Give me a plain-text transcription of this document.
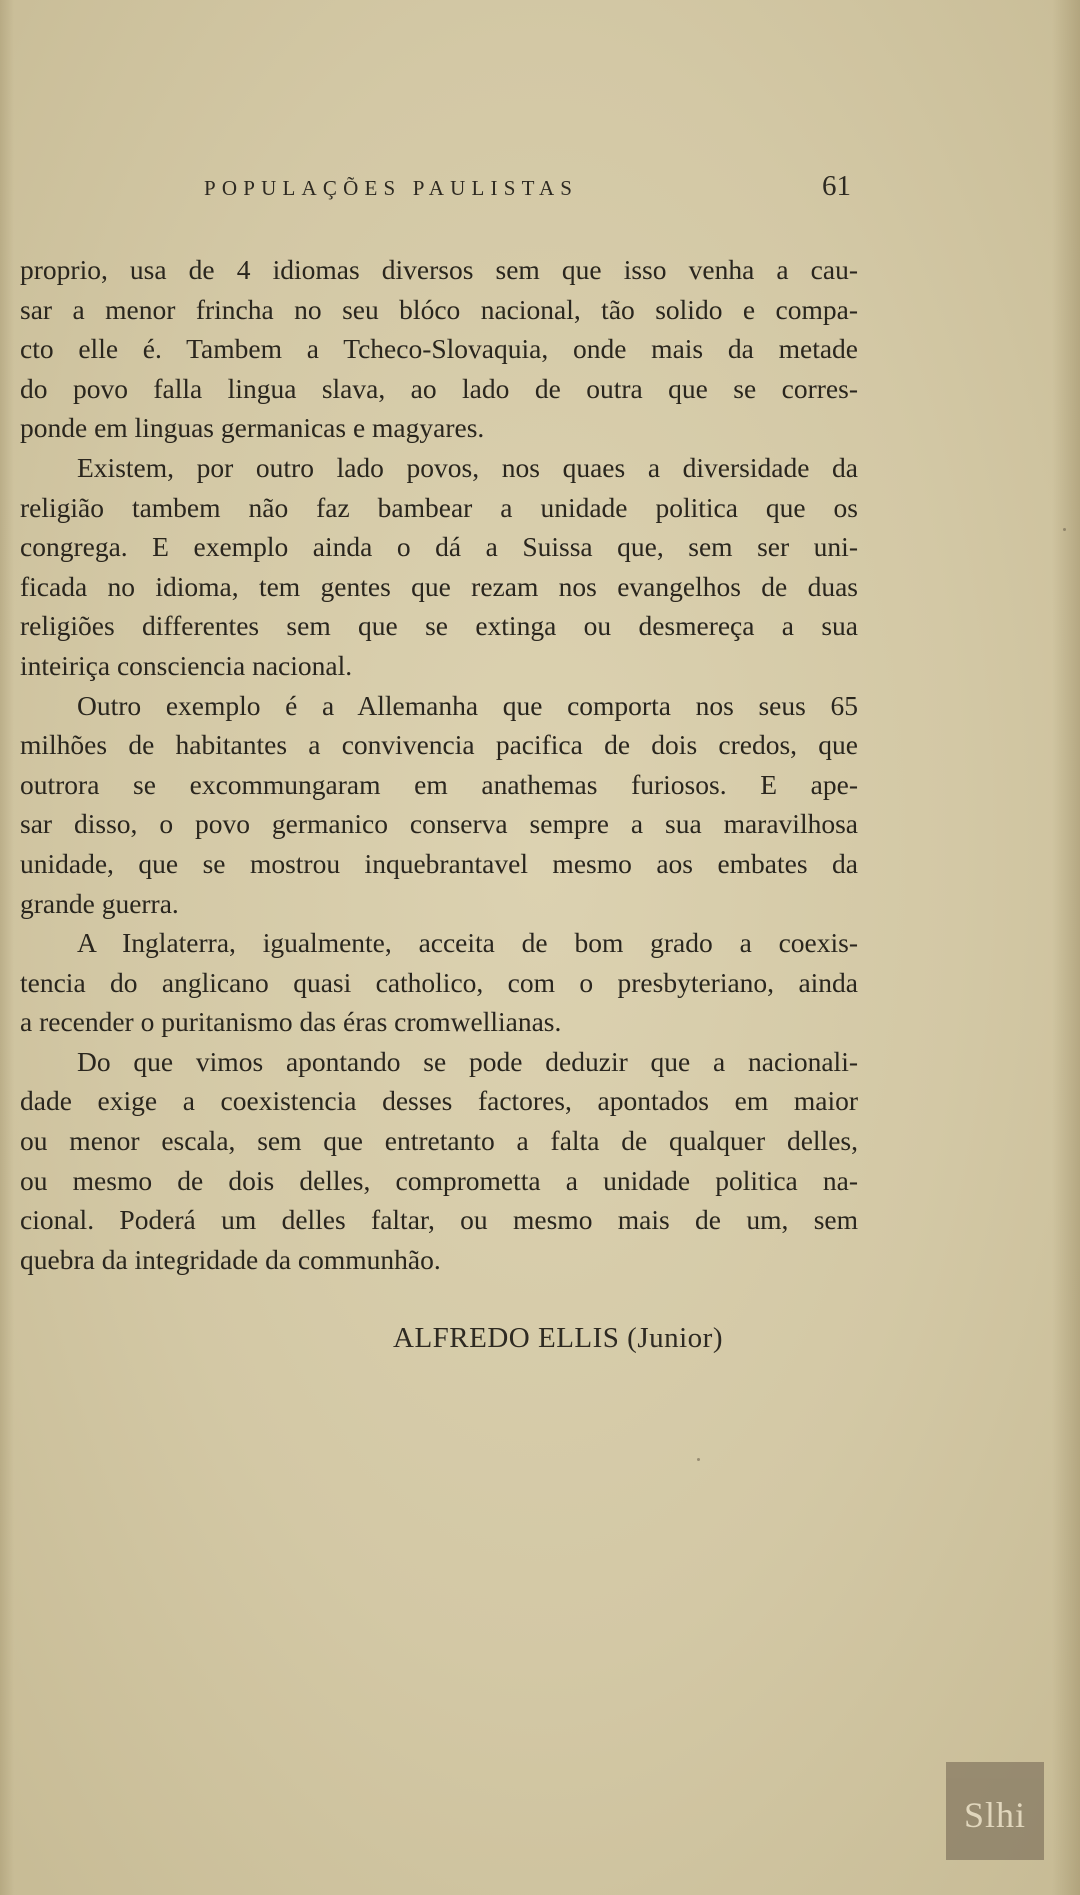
POPULAÇÕES PAULISTAS	61
proprio, usa de 4 idiomas diversos sem que isso venha a cau-
sar a menor frincha no seu blóco nacional, tão solido e compa-
cto elle é. Tambem a Tcheco-Slovaquia, onde mais da metade
do povo falla lingua slava, ao lado de outra que se corres-
ponde em linguas germanicas e magyares.
Existem, por outro lado povos, nos quaes a diversidade da
religião tambem não faz bambear a unidade politica que os
congrega. E exemplo ainda o dá a Suissa que, sem ser uni-
ficada no idioma, tem gentes que rezam nos evangelhos de duas
religiões differentes sem que se extinga ou desmereça a sua
inteiriça consciencia nacional.
Outro exemplo é a Allemanha que comporta nos seus 65
milhões de habitantes a convivencia pacifica de dois credos, que
outrora se excommungaram em anathemas furiosos. E ape-
sar disso, o povo germanico conserva sempre a sua maravilhosa
unidade, que se mostrou inquebrantavel mesmo aos embates da
grande guerra.
A Inglaterra, igualmente, acceita de bom grado a coexis-
tencia do anglicano quasi catholico, com o presbyteriano, ainda
a recender o puritanismo das éras cromwellianas.
Do que vimos apontando se pode deduzir que a nacionali-
dade exige a coexistencia desses factores, apontados em maior
ou menor escala, sem que entretanto a falta de qualquer delles,
ou mesmo de dois delles, comprometta a unidade politica na-
cional. Poderá um delles faltar, ou mesmo mais de um, sem
quebra da integridade da communhão.
ALFREDO ELLIS (Junior)
Slhi
